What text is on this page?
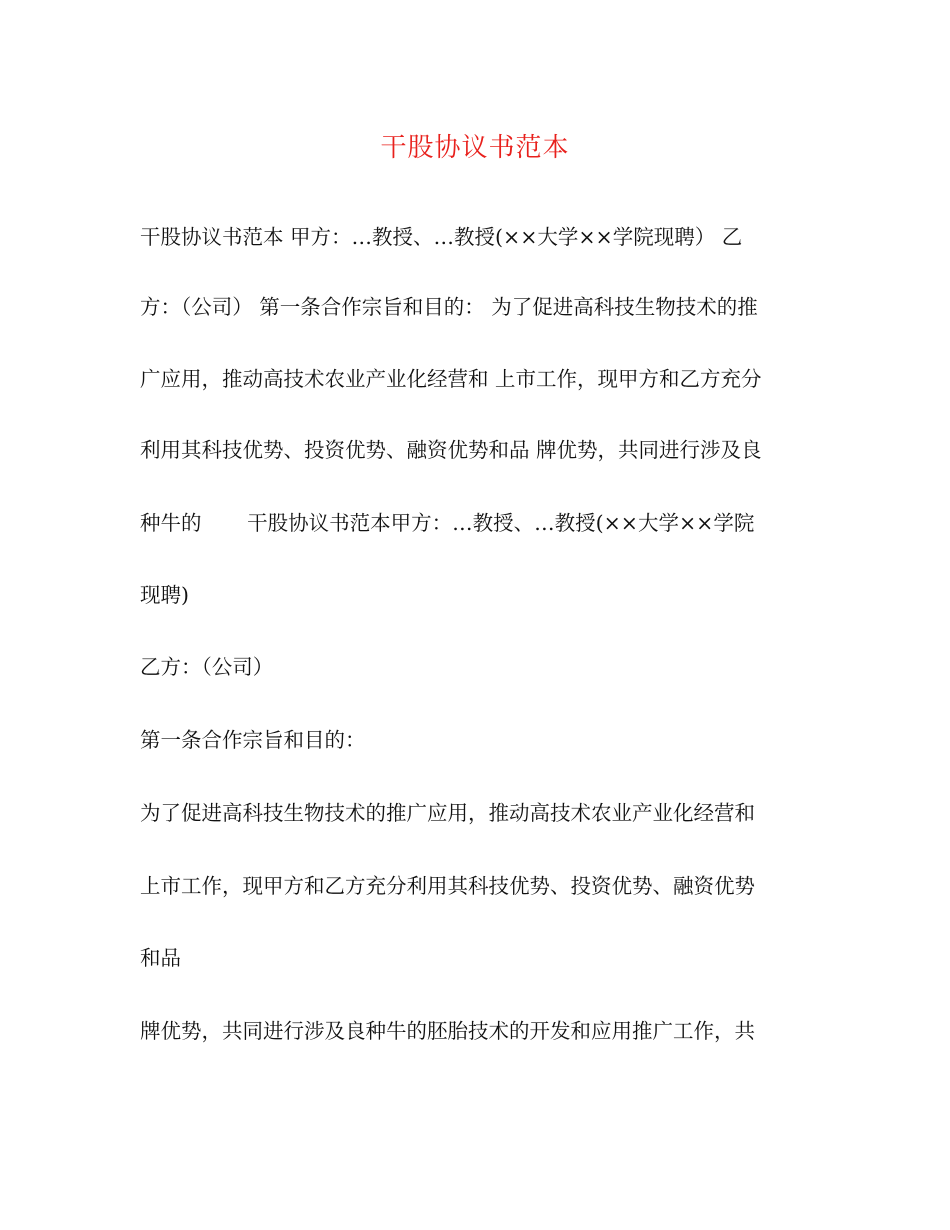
干股协议书范本
干股协议书范本 甲方：…教授、…教授(××大学××学院现聘） 乙
方：（公司） 第一条合作宗旨和目的： 为了促进高科技生物技术的推
广应用，推动高技术农业产业化经营和 上市工作，现甲方和乙方充分
利用其科技优势、投资优势、融资优势和品 牌优势，共同进行涉及良
种牛的       干股协议书范本甲方：…教授、…教授(××大学××学院
现聘)
乙方：（公司）
第一条合作宗旨和目的：
为了促进高科技生物技术的推广应用，推动高技术农业产业化经营和
上市工作，现甲方和乙方充分利用其科技优势、投资优势、融资优势
和品
牌优势，共同进行涉及良种牛的胚胎技术的开发和应用推广工作，共
